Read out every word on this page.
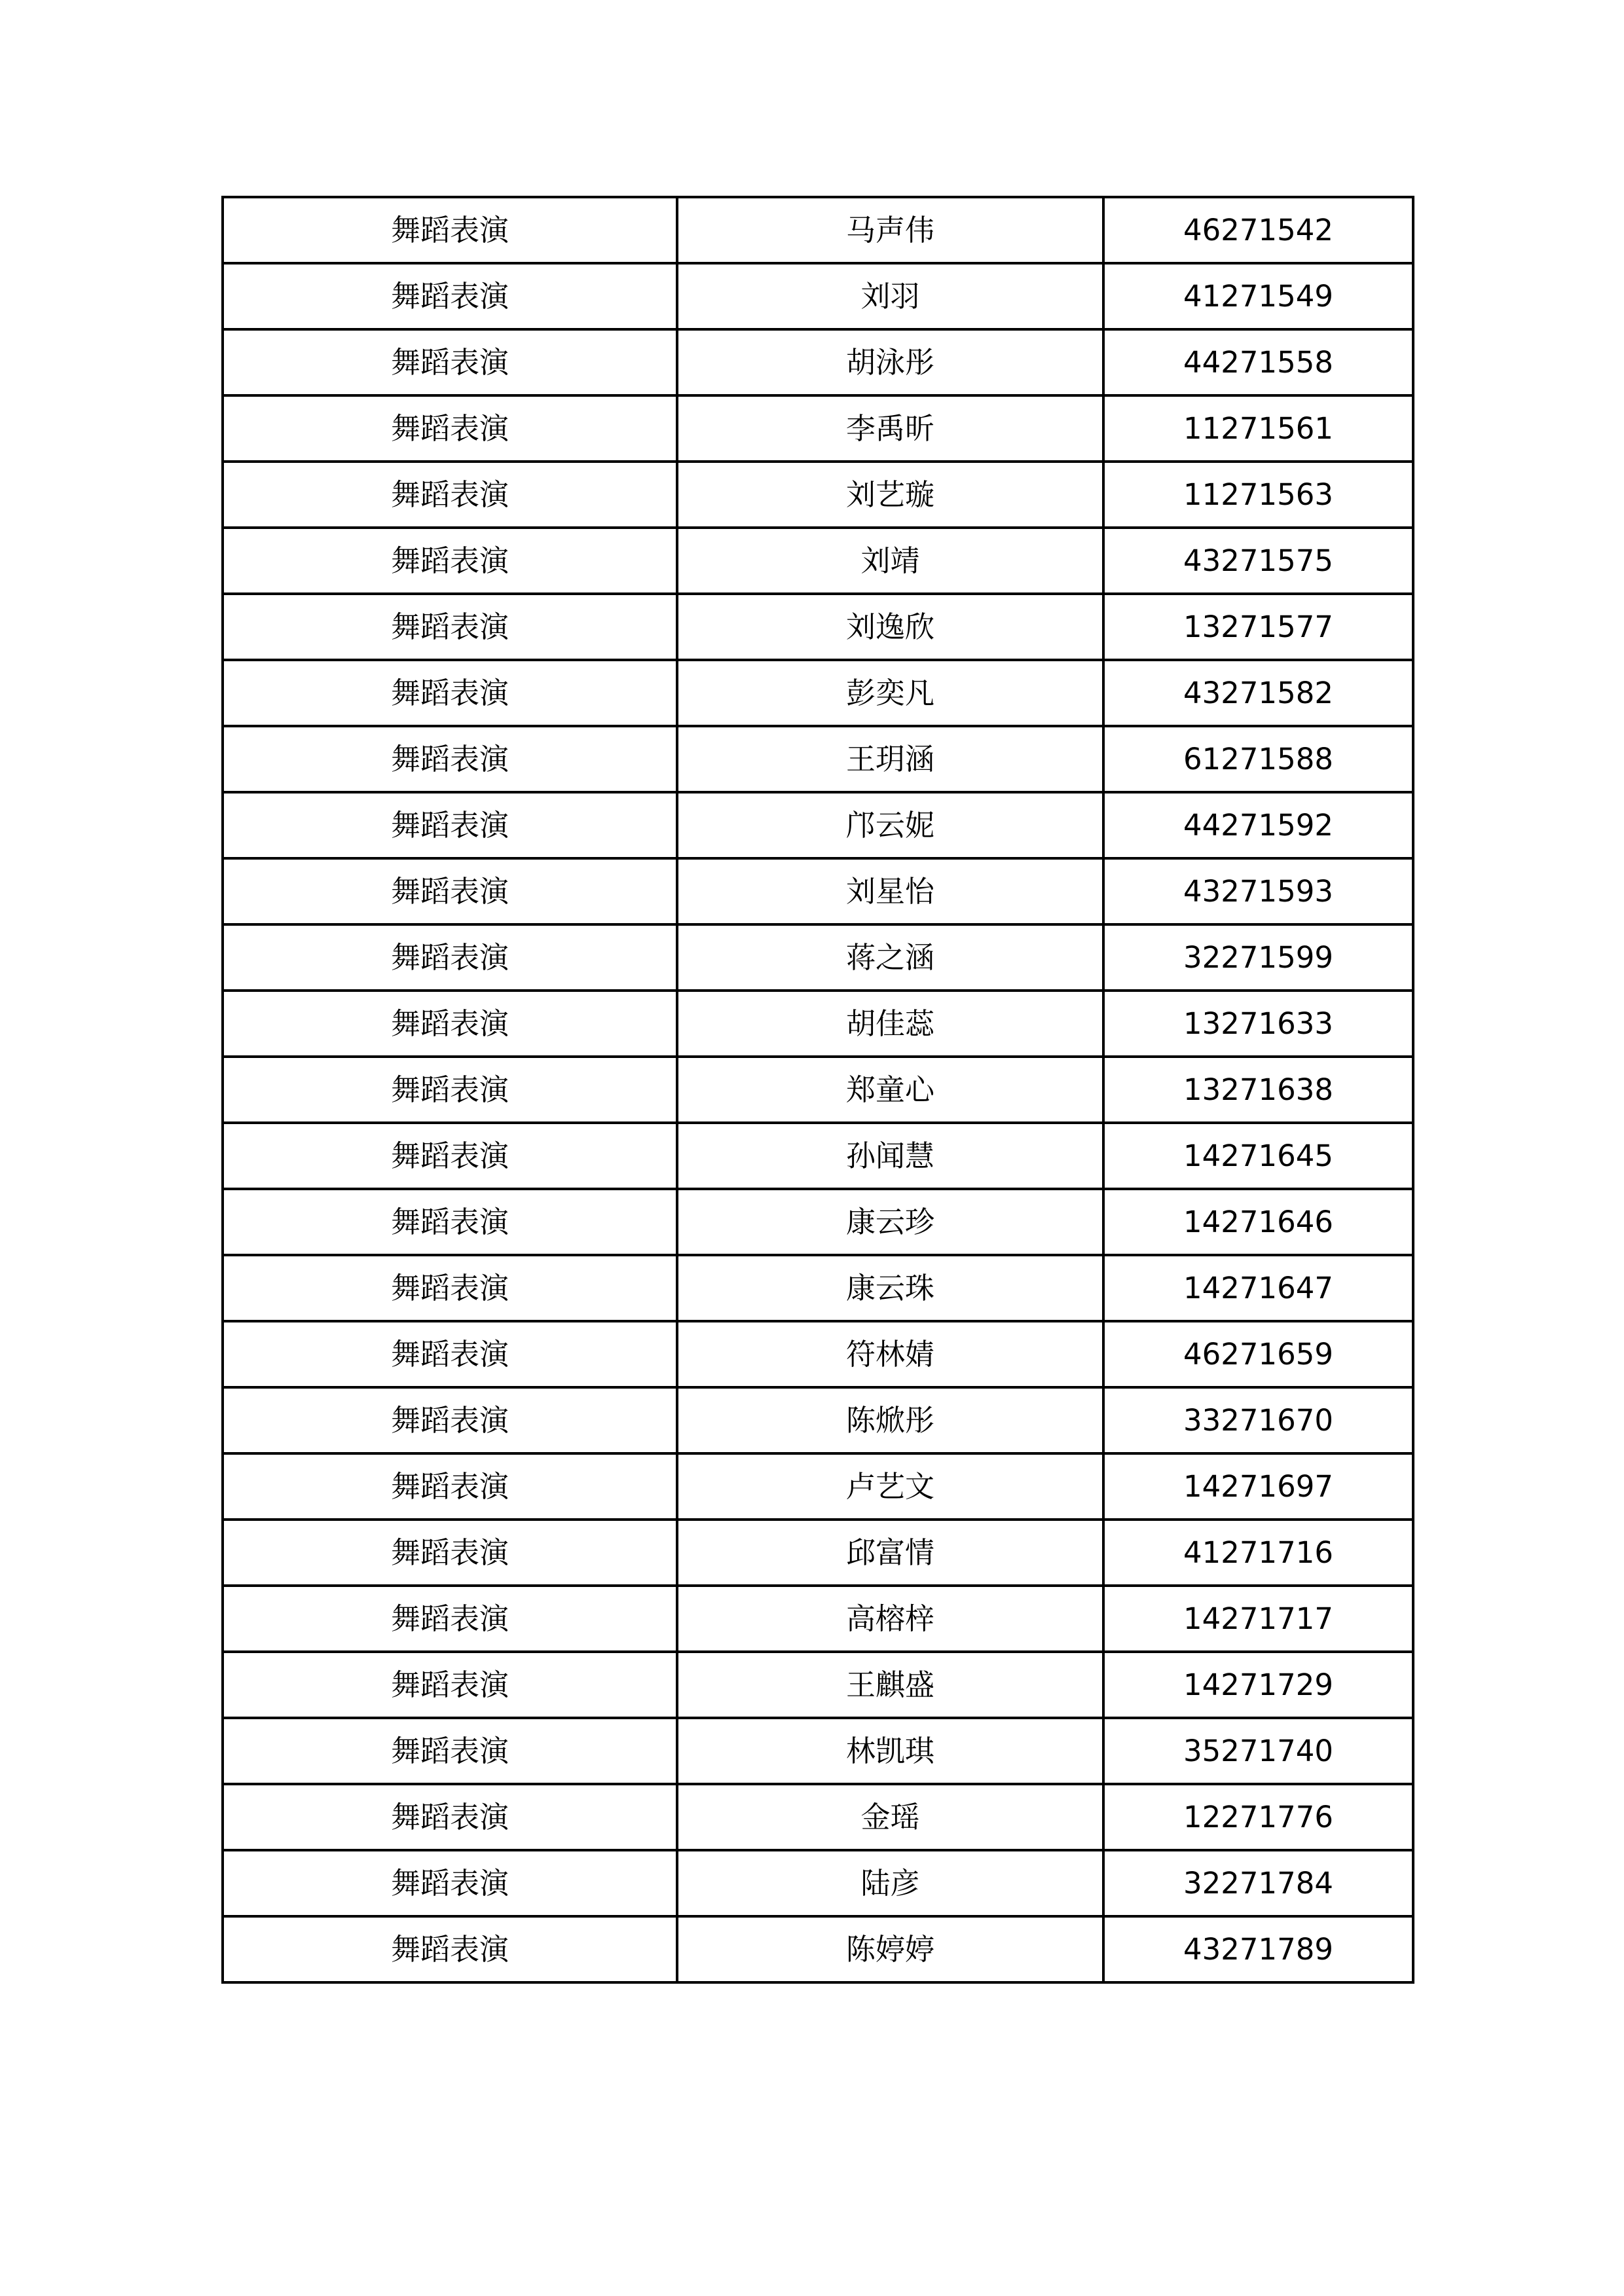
舞蹈表演	马声伟	46271542
舞蹈表演	刘羽	41271549
舞蹈表演	胡泳彤	44271558
舞蹈表演	李禹昕	11271561
舞蹈表演	刘艺璇	11271563
舞蹈表演	刘靖	43271575
舞蹈表演	刘逸欣	13271577
舞蹈表演	彭奕凡	43271582
舞蹈表演	王玥涵	61271588
舞蹈表演	邝云妮	44271592
舞蹈表演	刘星怡	43271593
舞蹈表演	蒋之涵	32271599
舞蹈表演	胡佳蕊	13271633
舞蹈表演	郑童心	13271638
舞蹈表演	孙闻慧	14271645
舞蹈表演	康云珍	14271646
舞蹈表演	康云珠	14271647
舞蹈表演	符林婧	46271659
舞蹈表演	陈焮彤	33271670
舞蹈表演	卢艺文	14271697
舞蹈表演	邱富情	41271716
舞蹈表演	高榕梓	14271717
舞蹈表演	王麒盛	14271729
舞蹈表演	林凯琪	35271740
舞蹈表演	金瑶	12271776
舞蹈表演	陆彦	32271784
舞蹈表演	陈婷婷	43271789
